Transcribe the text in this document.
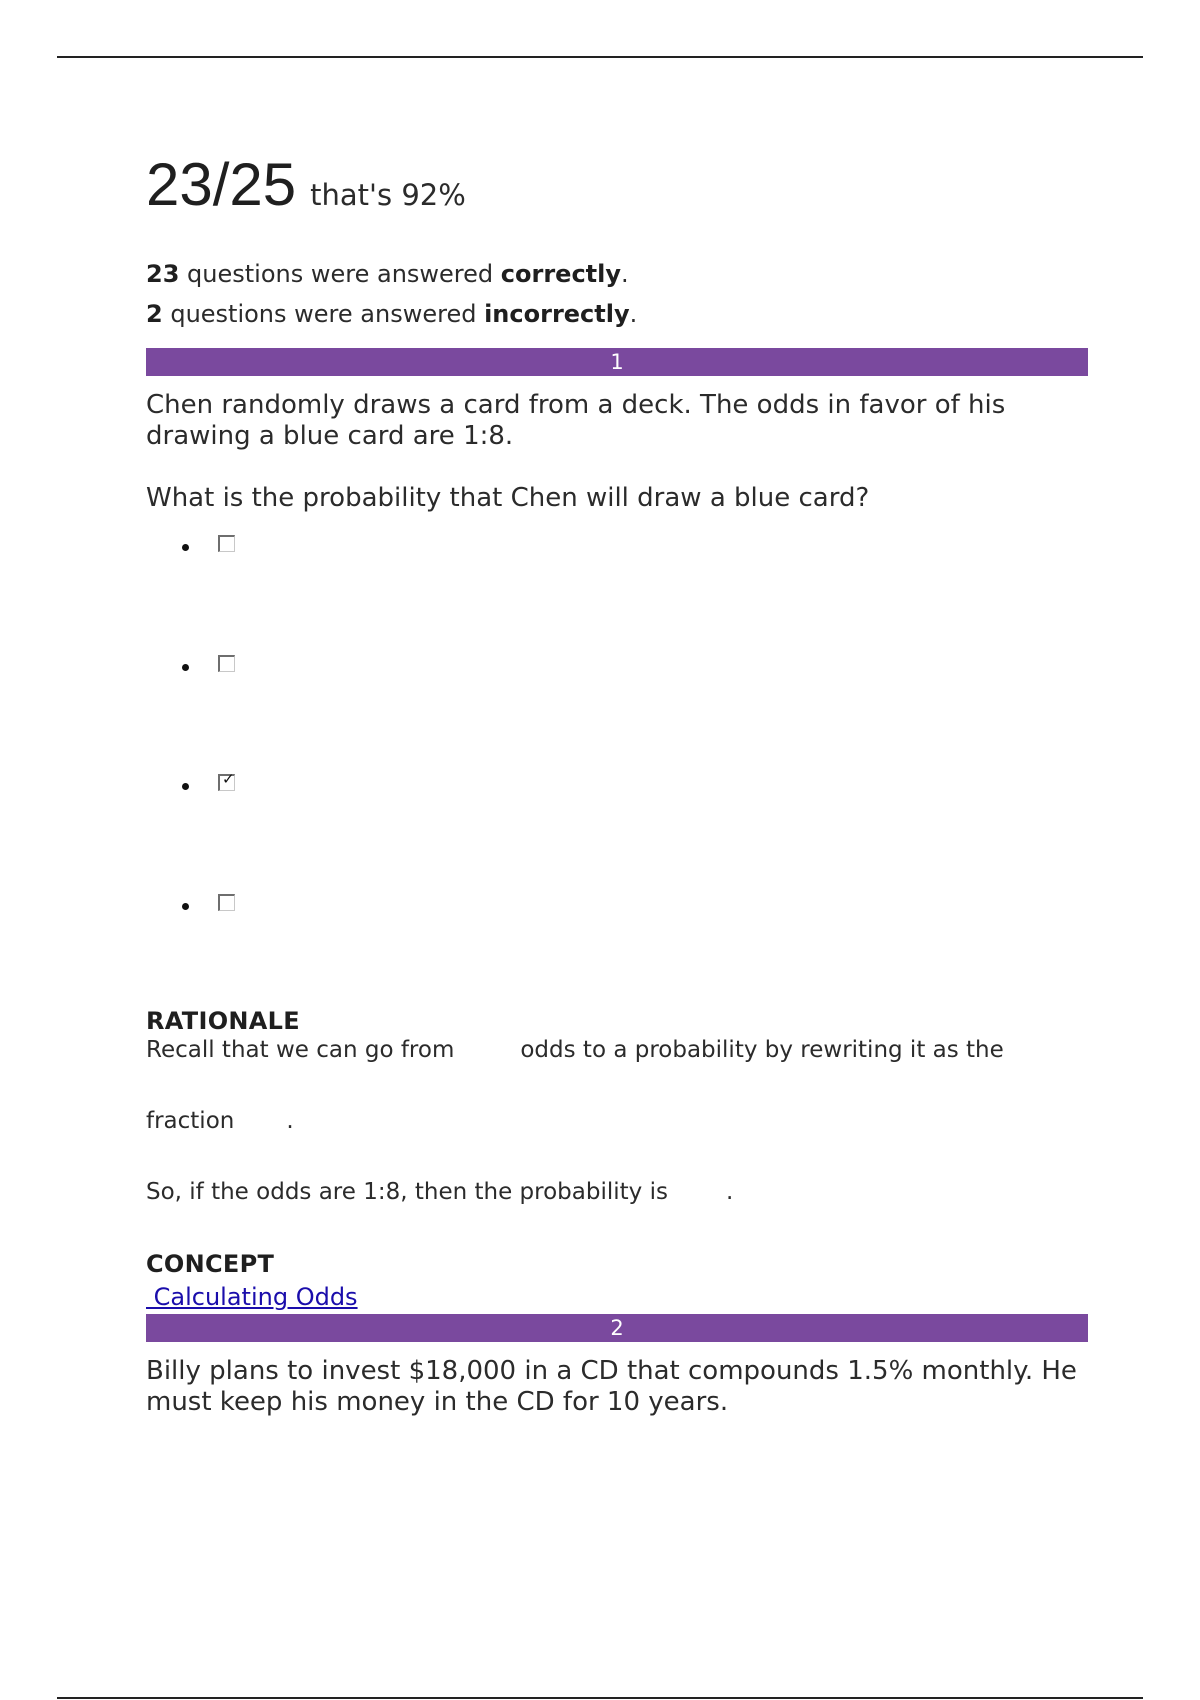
23/25 that's 92%
23 questions were answered correctly.
2 questions were answered incorrectly.
1
Chen randomly draws a card from a deck. The odds in favor of his drawing a blue card are 1:8.
What is the probability that Chen will draw a blue card?
✓
RATIONALE
Recall that we can go from	odds to a probability by rewriting it as the
fraction .
So, if the odds are 1:8, then the probability is	.
CONCEPT
Calculating Odds
2
Billy plans to invest $18,000 in a CD that compounds 1.5% monthly. He must keep his money in the CD for 10 years.
